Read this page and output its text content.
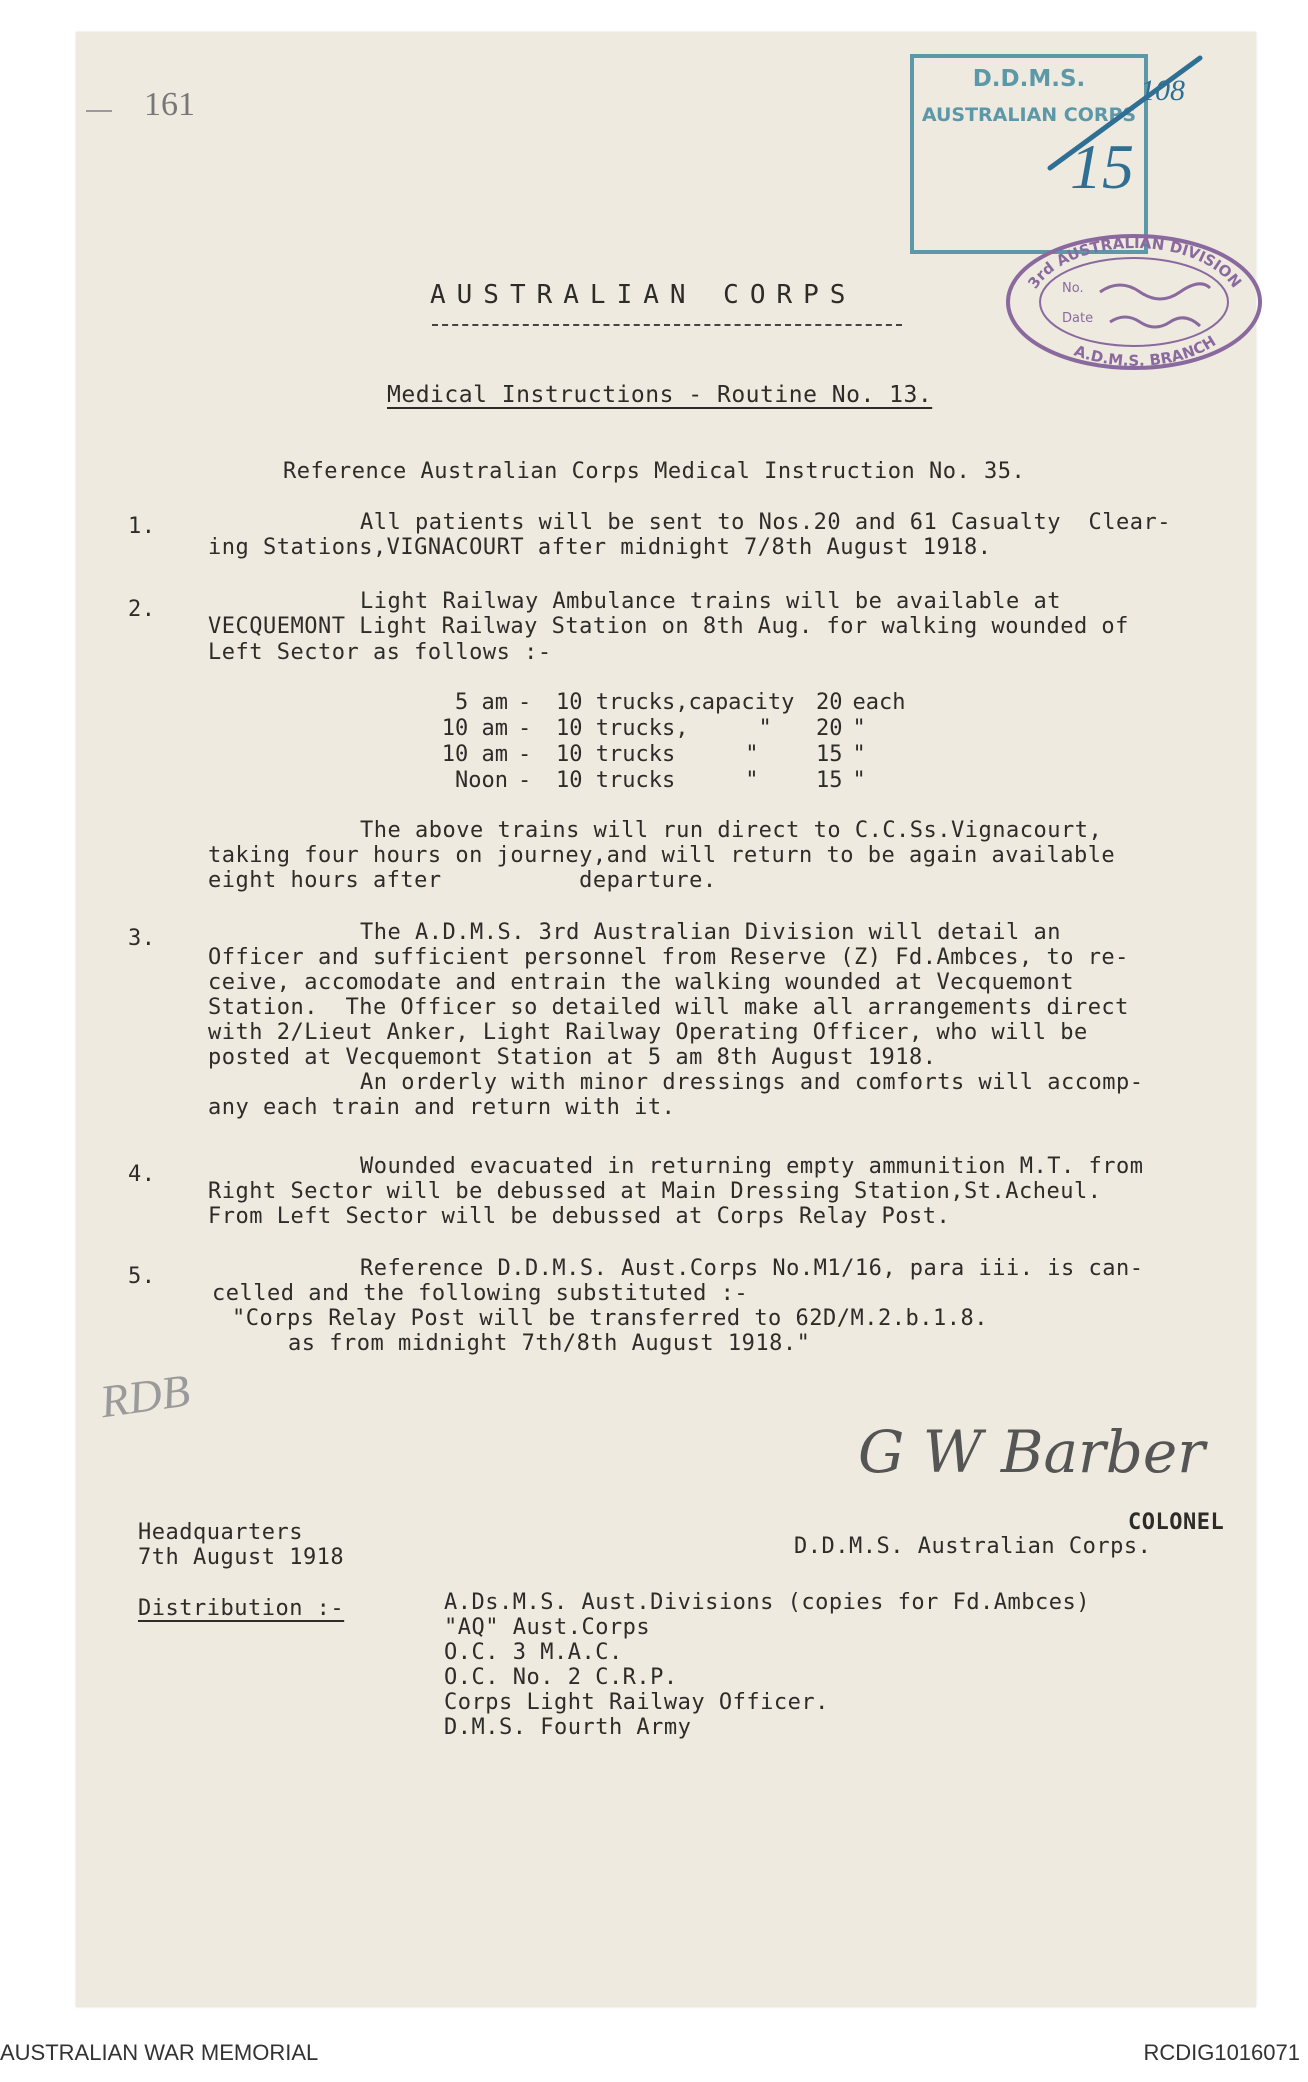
161
D.D.M.S.
AUSTRALIAN CORPS
108
15
3rd AUSTRALIAN DIVISION
A.D.M.S. BRANCH
No.
Date
AUSTRALIAN CORPS
Medical Instructions - Routine No. 13.
Reference Australian Corps Medical Instruction No. 35.
1.	All patients will be sent to Nos.20 and 61 Casualty  Clear-
ing Stations,VIGNACOURT after midnight 7/8th August 1918.
2.	Light Railway Ambulance trains will be available at
VECQUEMONT Light Railway Station on 8th Aug. for walking wounded of
Left Sector as follows :-
5 am	-	10 trucks,capacity	20	each
10 am	-	10 trucks, "	20	"
10 am	-	10 trucks "	15	"
Noon	-	10 trucks "	15	"
The above trains will run direct to C.C.Ss.Vignacourt,
taking four hours on journey,and will return to be again available
eight hours after          departure.
3.	The A.D.M.S. 3rd Australian Division will detail an
Officer and sufficient personnel from Reserve (Z) Fd.Ambces, to re-
ceive, accomodate and entrain the walking wounded at Vecquemont
Station.  The Officer so detailed will make all arrangements direct
with 2/Lieut Anker, Light Railway Operating Officer, who will be
posted at Vecquemont Station at 5 am 8th August 1918.
An orderly with minor dressings and comforts will accomp-
any each train and return with it.
4.	Wounded evacuated in returning empty ammunition M.T. from
Right Sector will be debussed at Main Dressing Station,St.Acheul.
From Left Sector will be debussed at Corps Relay Post.
5.	Reference D.D.M.S. Aust.Corps No.M1/16, para iii. is can-
celled and the following substituted :-
"Corps Relay Post will be transferred to 62D/M.2.b.1.8.
as from midnight 7th/8th August 1918."
RDB
G W Barber
COLONEL
D.D.M.S. Australian Corps.
Headquarters
7th August 1918
Distribution :-	A.Ds.M.S. Aust.Divisions (copies for Fd.Ambces)
"AQ" Aust.Corps
O.C. 3 M.A.C.
O.C. No. 2 C.R.P.
Corps Light Railway Officer.
D.M.S. Fourth Army
AUSTRALIAN WAR MEMORIAL	RCDIG1016071
